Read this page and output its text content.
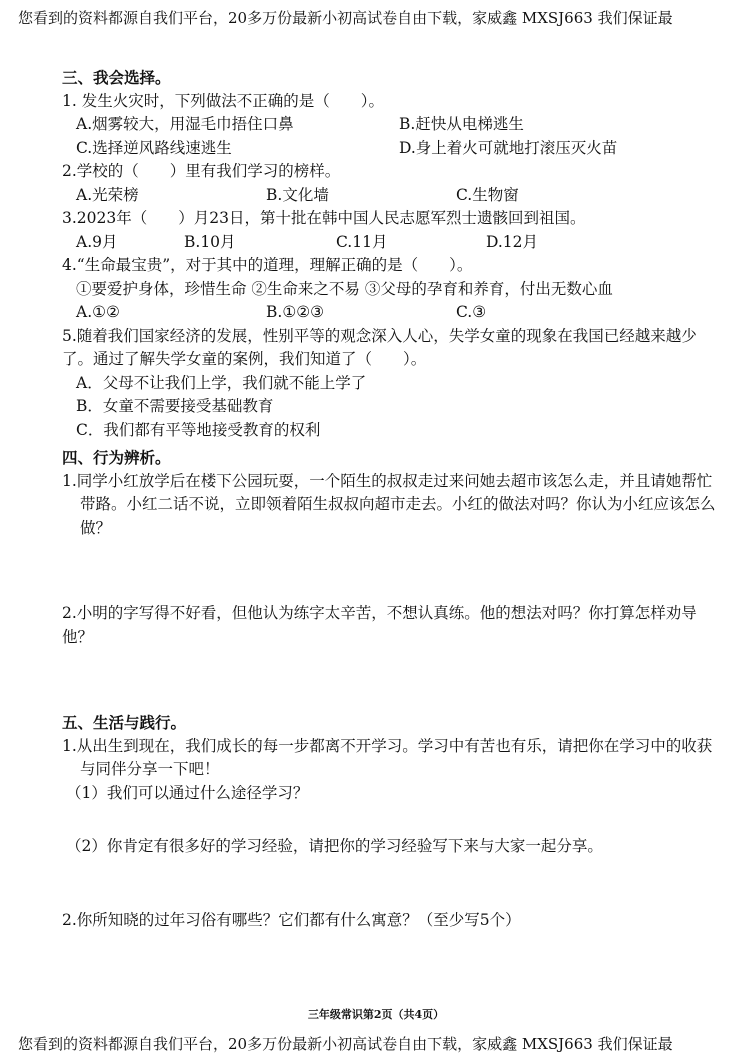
您看到的资料都源自我们平台，20多万份最新小初高试卷自由下载，家威鑫 MXSJ663 我们保证最
三、我会选择。

1. 发生火灾时，下列做法不正确的是（　　）。

A.烟雾较大，用湿毛巾捂住口鼻	B.赶快从电梯逃生
C.选择逆风路线速逃生	D.身上着火可就地打滚压灭火苗

2.学校的（　　）里有我们学习的榜样。

A.光荣榜	B.文化墙	C.生物窗

3.2023年（　　）月23日，第十批在韩中国人民志愿军烈士遗骸回到祖国。

A.9月	B.10月	C.11月	D.12月

4.“生命最宝贵”，对于其中的道理，理解正确的是（　　）。

①要爱护身体，珍惜生命 ②生命来之不易 ③父母的孕育和养育，付出无数心血
A.①②	B.①②③	C.③

5.随着我们国家经济的发展，性别平等的观念深入人心，失学女童的现象在我国已经越来越少了。通过了解失学女童的案例，我们知道了（　　）。

A．父母不让我们上学，我们就不能上学了
B．女童不需要接受基础教育
C．我们都有平等地接受教育的权利
四、行为辨析。

1.同学小红放学后在楼下公园玩耍，一个陌生的叔叔走过来问她去超市该怎么走，并且请她帮忙带路。小红二话不说，立即领着陌生叔叔向超市走去。小红的做法对吗？你认为小红应该怎么做？

2.小明的字写得不好看，但他认为练字太辛苦，不想认真练。他的想法对吗？你打算怎样劝导他？

五、生活与践行。

1.从出生到现在，我们成长的每一步都离不开学习。学习中有苦也有乐，请把你在学习中的收获与同伴分享一下吧！

（1）我们可以通过什么途径学习？
（2）你肯定有很多好的学习经验，请把你的学习经验写下来与大家一起分享。

2.你所知晓的过年习俗有哪些？它们都有什么寓意？（至少写5个）

三年级常识第2页（共4页）
您看到的资料都源自我们平台，20多万份最新小初高试卷自由下载，家威鑫 MXSJ663 我们保证最
